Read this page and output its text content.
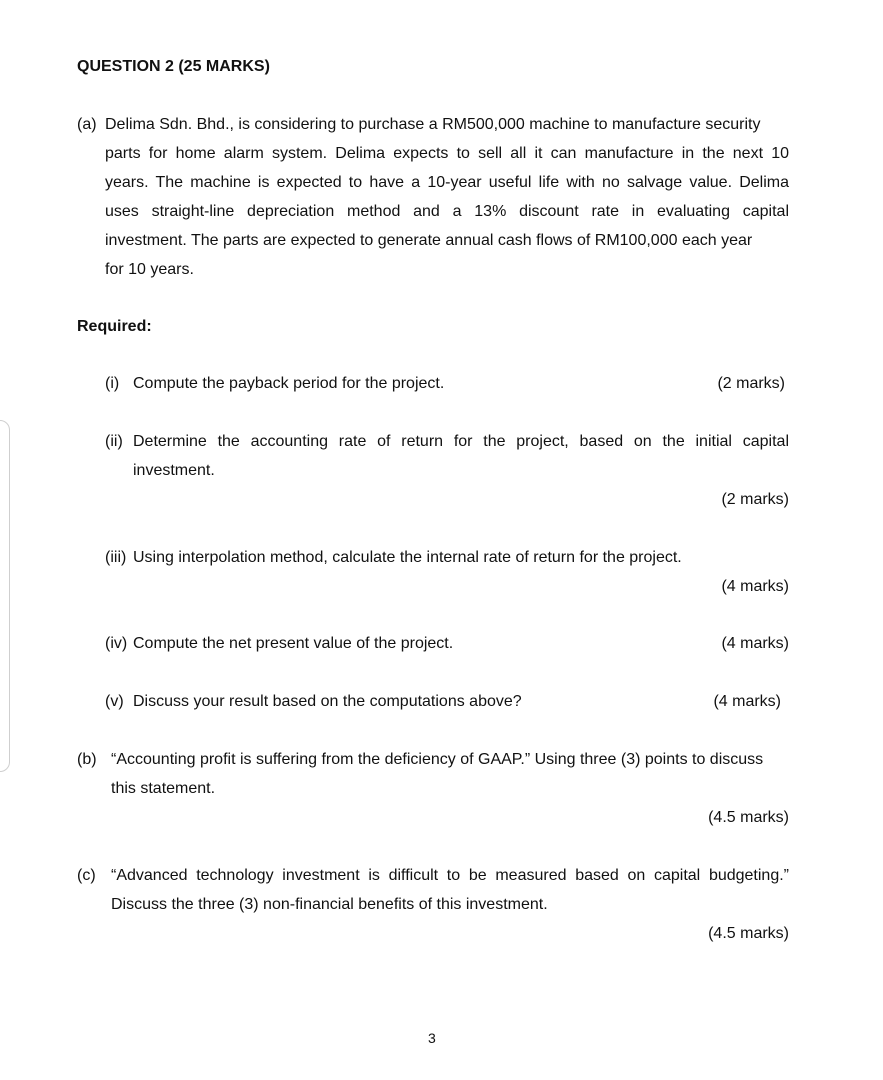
QUESTION 2 (25 MARKS)
(a) Delima Sdn. Bhd., is considering to purchase a RM500,000 machine to manufacture security
parts for home alarm system. Delima expects to sell all it can manufacture in the next 10
years. The machine is expected to have a 10-year useful life with no salvage value. Delima
uses straight-line depreciation method and a 13% discount rate in evaluating capital
investment. The parts are expected to generate annual cash flows of RM100,000 each year
for 10 years.
Required:
(i) Compute the payback period for the project.	(2 marks)
(ii) Determine the accounting rate of return for the project, based on the initial capital
investment.
(2 marks)
(iii) Using interpolation method, calculate the internal rate of return for the project.
(4 marks)
(iv) Compute the net present value of the project.	(4 marks)
(v) Discuss your result based on the computations above?	(4 marks)
(b) “Accounting profit is suffering from the deficiency of GAAP.” Using three (3) points to discuss
this statement.
(4.5 marks)
(c) “Advanced technology investment is difficult to be measured based on capital budgeting.”
Discuss the three (3) non-financial benefits of this investment.
(4.5 marks)
3
